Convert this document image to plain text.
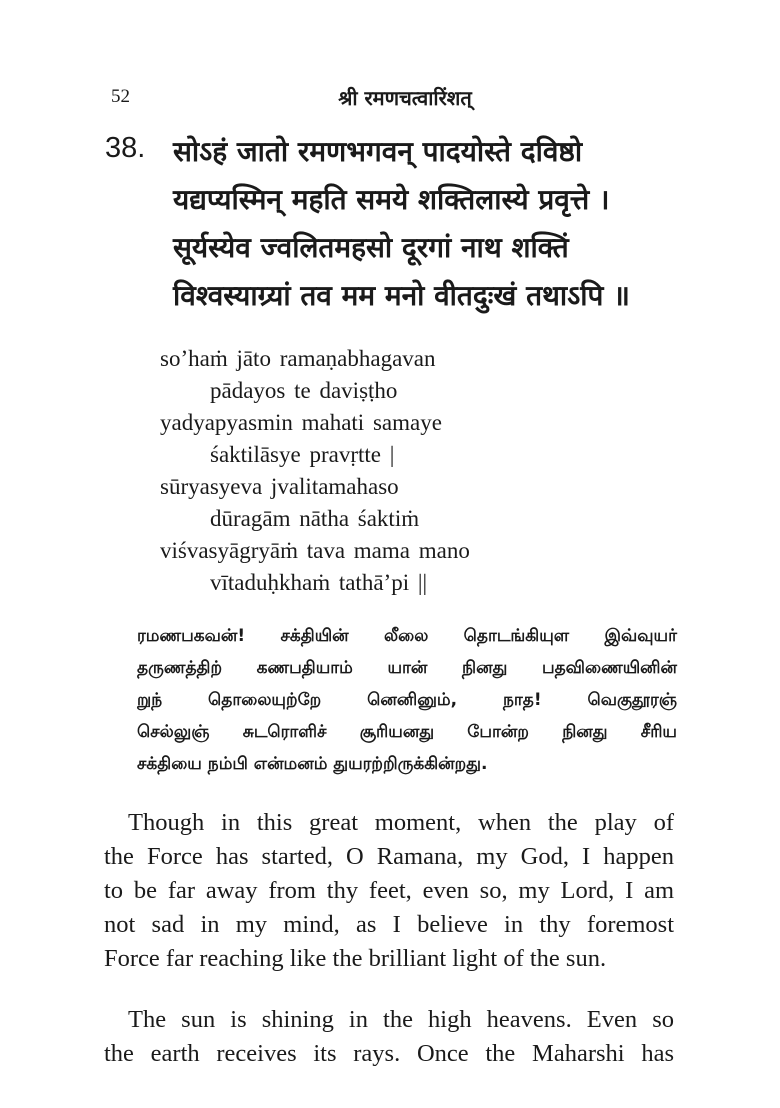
52	श्री रमणचत्वारिंशत्
38. सोऽहं जातो रमणभगवन् पादयोस्ते दविष्ठो
यद्यप्यस्मिन् महति समये शक्तिलास्ये प्रवृत्ते ।
सूर्यस्येव ज्वलितमहसो दूरगां नाथ शक्तिं
विश्वस्याग्र्यां तव मम मनो वीतदुःखं तथाऽपि ॥
so’haṁ jāto ramaṇabhagavan
pādayos te daviṣṭho
yadyapyasmin mahati samaye
śaktilāsye pravṛtte |
sūryasyeva jvalitamahaso
dūragām nātha śaktiṁ
viśvasyāgryāṁ tava mama mano
vītaduḥkhaṁ tathā’pi ||
ரமணபகவன்! சக்தியின் லீலை தொடங்கியுள இவ்வுயர்
தருணத்திற் கணபதியாம் யான் நினது பதவிணையினின்
றுந் தொலையுற்றே னெனினும், நாத! வெகுதூரஞ்
செல்லுஞ் சுடரொளிச் சூரியனது போன்ற நினது சீரிய
சக்தியை நம்பி என்மனம் துயரற்றிருக்கின்றது.
Though in this great moment, when the play of
the Force has started, O Ramana, my God, I happen
to be far away from thy feet, even so, my Lord, I am
not sad in my mind, as I believe in thy foremost
Force far reaching like the brilliant light of the sun.
The sun is shining in the high heavens. Even so
the earth receives its rays. Once the Maharshi has
